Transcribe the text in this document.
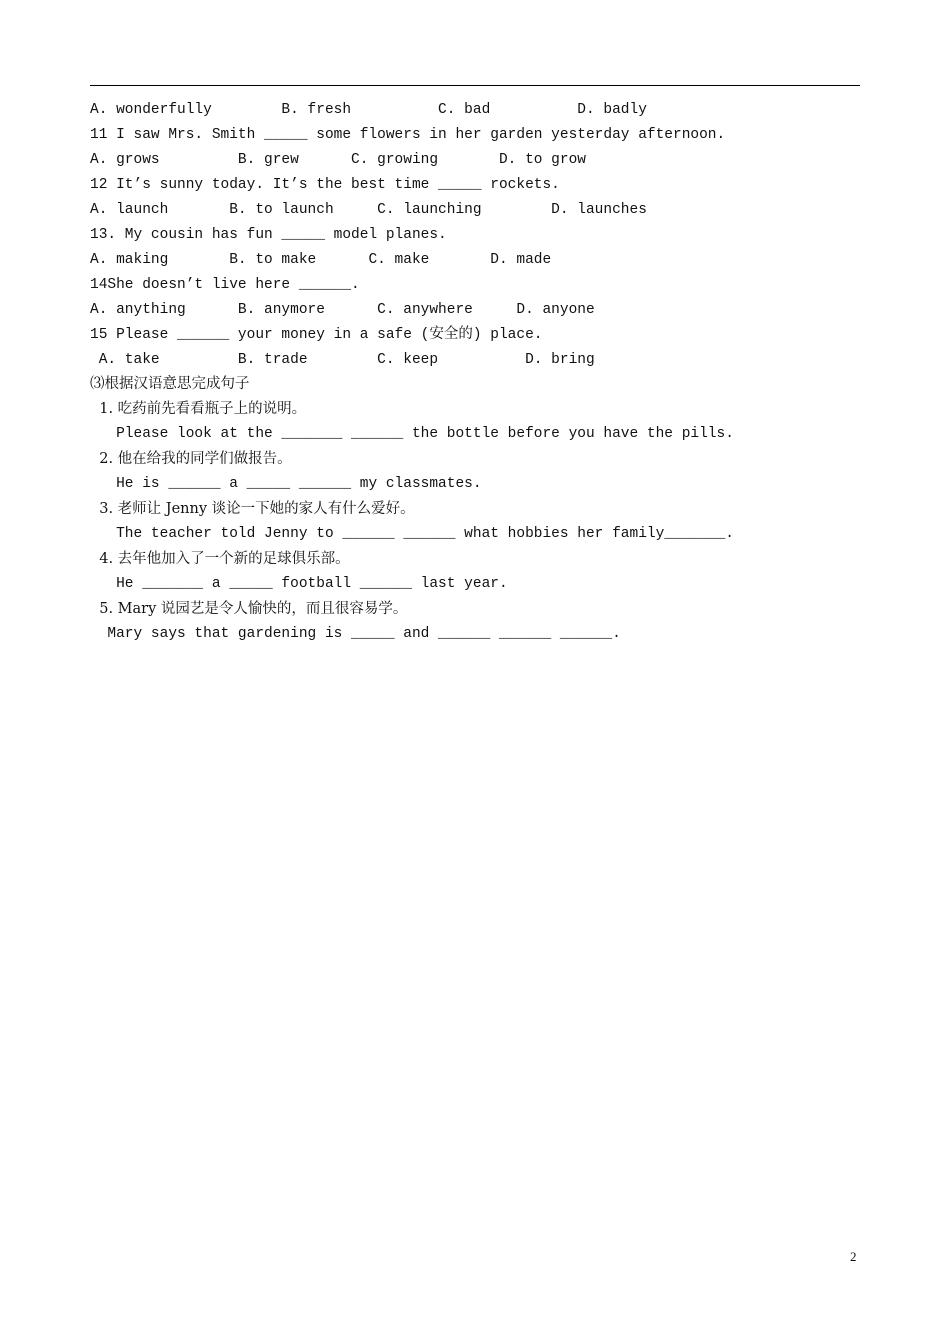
A. wonderfully        B. fresh          C. bad          D. badly
11 I saw Mrs. Smith _____ some flowers in her garden yesterday afternoon.
A. grows         B. grew      C. growing       D. to grow
12 It’s sunny today. It’s the best time _____ rockets.
A. launch       B. to launch     C. launching        D. launches
13. My cousin has fun _____ model planes.
A. making       B. to make      C. make       D. made
14She doesn’t live here ______.
A. anything      B. anymore      C. anywhere     D. anyone
15 Please ______ your money in a safe (安全的) place.
A. take         B. trade        C. keep          D. bring
⑶根据汉语意思完成句子
1. 吃药前先看看瓶子上的说明。
Please look at the _______ ______ the bottle before you have the pills.
2. 他在给我的同学们做报告。
He is ______ a _____ ______ my classmates.
3. 老师让 Jenny 谈论一下她的家人有什么爱好。
The teacher told Jenny to ______ ______ what hobbies her family_______.
4. 去年他加入了一个新的足球俱乐部。
He _______ a _____ football ______ last year.
5. Mary 说园艺是令人愉快的，而且很容易学。
Mary says that gardening is _____ and ______ ______ ______.
2
